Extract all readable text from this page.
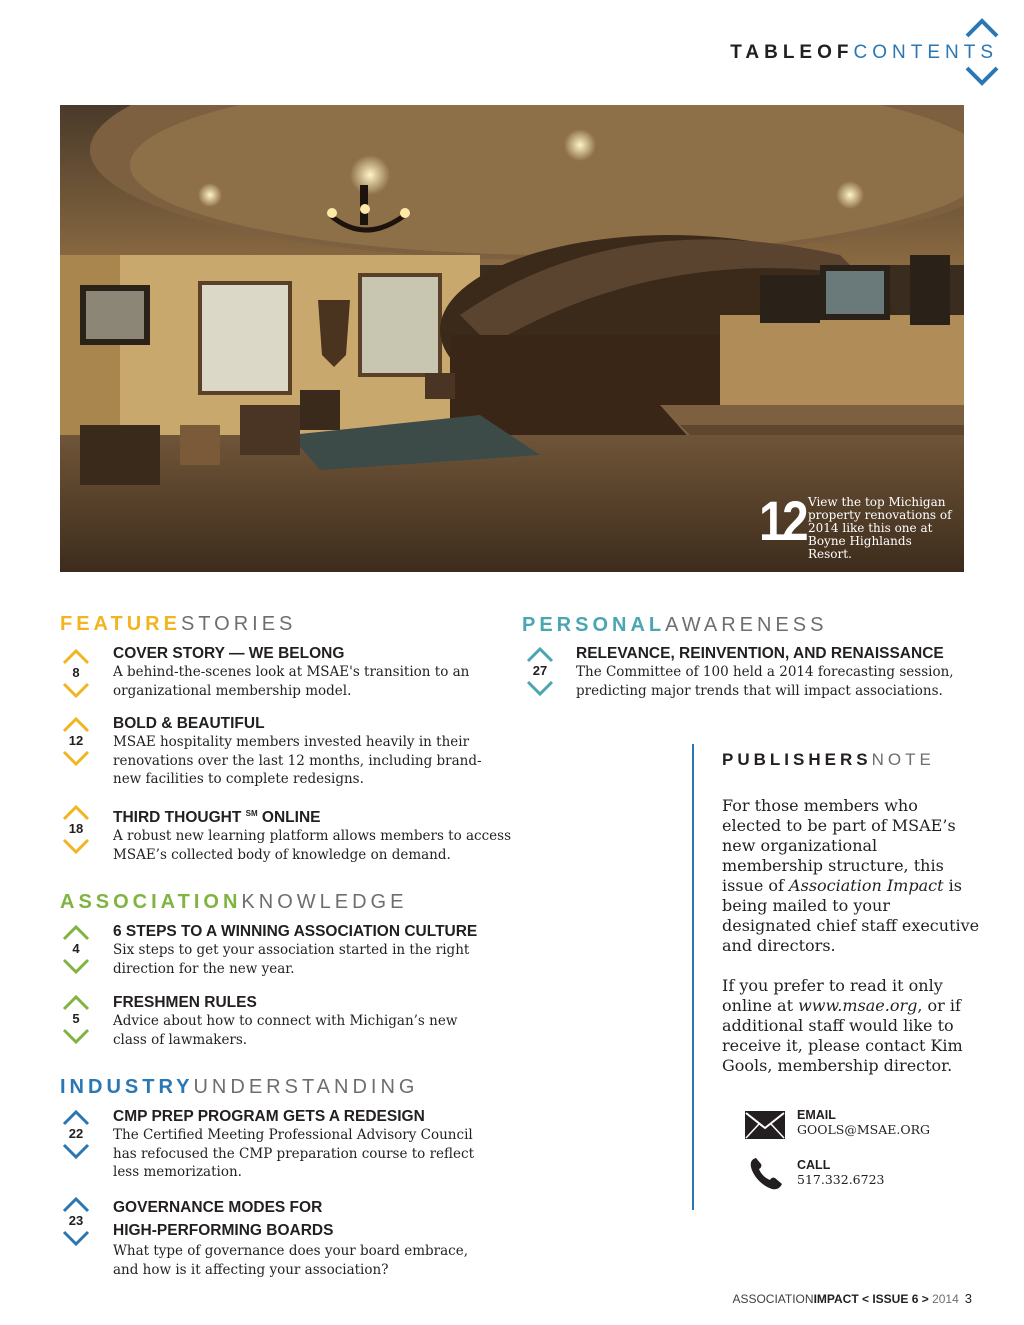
TABLEOFCONTENTS
12 View the top Michigan property renovations of 2014 like this one at Boyne Highlands Resort.
FEATURESTORIES
8

COVER STORY — WE BELONG

A behind-the-scenes look at MSAE's transition to an organizational membership model.

12

BOLD & BEAUTIFUL

MSAE hospitality members invested heavily in their renovations over the last 12 months, including brand-new facilities to complete redesigns.

18

THIRD THOUGHT ℠ ONLINE

A robust new learning platform allows members to access MSAE’s collected body of knowledge on demand.

ASSOCIATIONKNOWLEDGE
4

6 STEPS TO A WINNING ASSOCIATION CULTURE

Six steps to get your association started in the right direction for the new year.

5

FRESHMEN RULES

Advice about how to connect with Michigan’s new class of lawmakers.

INDUSTRYUNDERSTANDING
22

CMP PREP PROGRAM GETS A REDESIGN

The Certified Meeting Professional Advisory Council has refocused the CMP preparation course to reflect less memorization.

23

GOVERNANCE MODES FOR
HIGH-PERFORMING BOARDS

What type of governance does your board embrace, and how is it affecting your association?

PERSONALAWARENESS
27

RELEVANCE, REINVENTION, AND RENAISSANCE

The Committee of 100 held a 2014 forecasting session, predicting major trends that will impact associations.

PUBLISHERSNOTE

For those members who elected to be part of MSAE’s new organizational membership structure, this issue of Association Impact is being mailed to your designated chief staff executive and directors.

If you prefer to read it only online at www.msae.org, or if additional staff would like to receive it, please contact Kim Gools, membership director.

EMAIL
GOOLS@MSAE.ORG
CALL
517.332.6723
ASSOCIATIONIMPACT < ISSUE 6 > 2014 3
